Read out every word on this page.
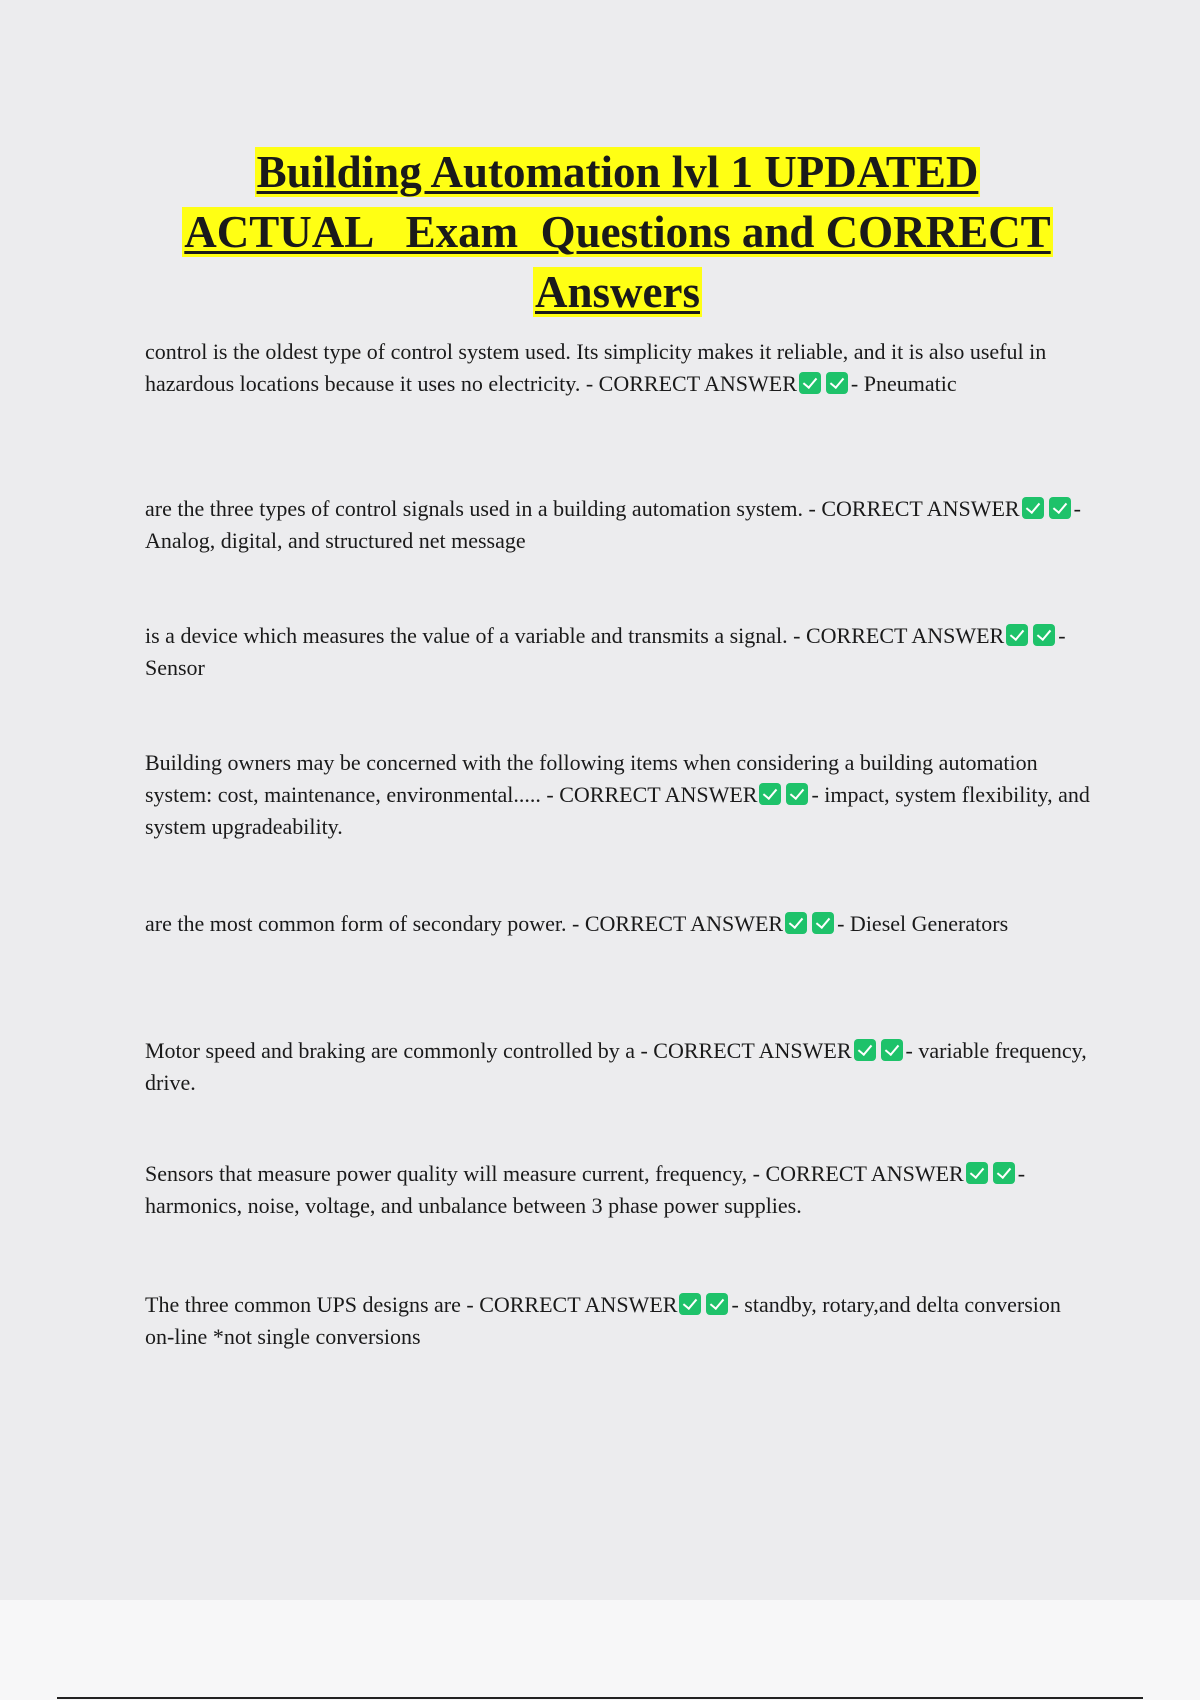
Building Automation lvl 1 UPDATED
ACTUAL   Exam  Questions and CORRECT
Answers

control is the oldest type of control system used. Its simplicity makes it reliable, and it is also useful in hazardous locations because it uses no electricity. - CORRECT ANSWER - Pneumatic

are the three types of control signals used in a building automation system. - CORRECT ANSWER - Analog, digital, and structured net message

is a device which measures the value of a variable and transmits a signal. - CORRECT ANSWER - Sensor

Building owners may be concerned with the following items when considering a building automation system: cost, maintenance, environmental..... - CORRECT ANSWER - impact, system flexibility, and system upgradeability.

are the most common form of secondary power. - CORRECT ANSWER - Diesel Generators

Motor speed and braking are commonly controlled by a - CORRECT ANSWER - variable frequency, drive.

Sensors that measure power quality will measure current, frequency, - CORRECT ANSWER - harmonics, noise, voltage, and unbalance between 3 phase power supplies.

The three common UPS designs are - CORRECT ANSWER - standby, rotary,and delta conversion on-line *not single conversions
